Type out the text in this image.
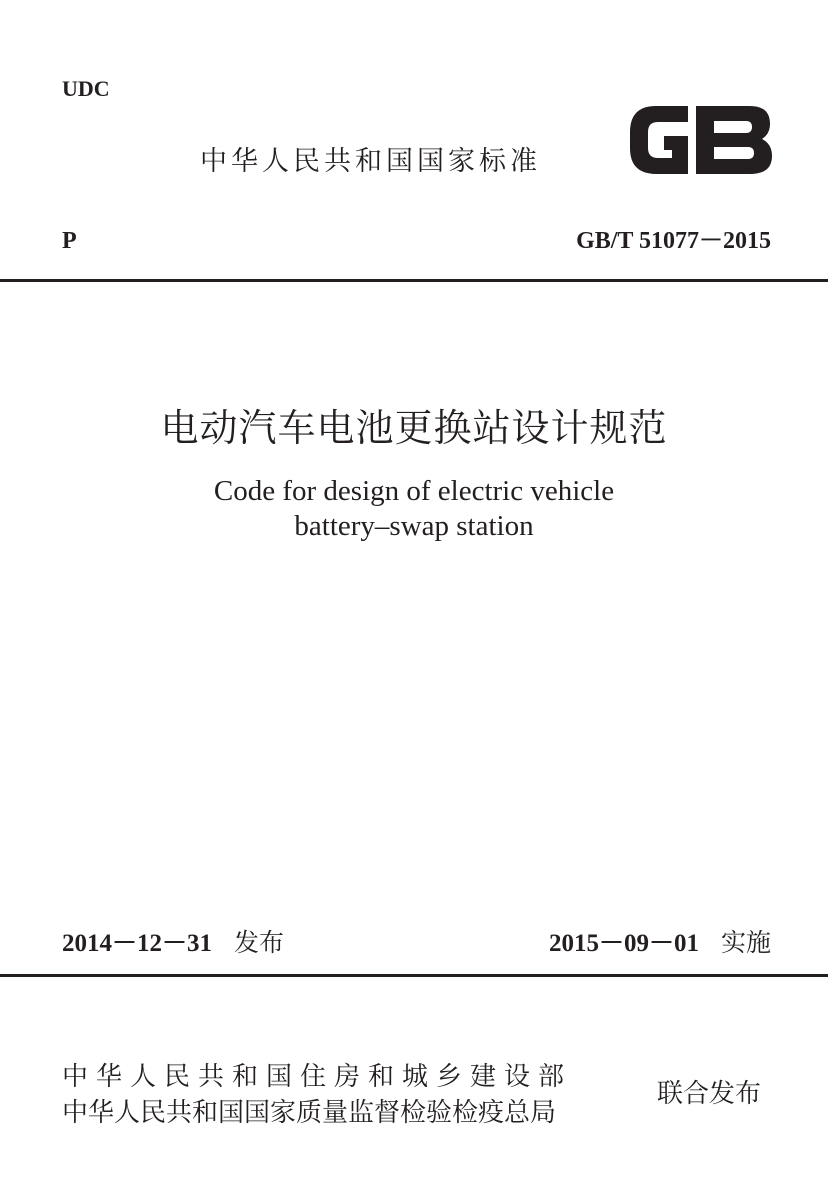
UDC
中华人民共和国国家标准
P	GB/T 51077－2015
电动汽车电池更换站设计规范
Code for design of electric vehicle
battery–swap station
2014－12－31 发布	2015－09－01 实施
中华人民共和国住房和城乡建设部
中华人民共和国国家质量监督检验检疫总局
联合发布
